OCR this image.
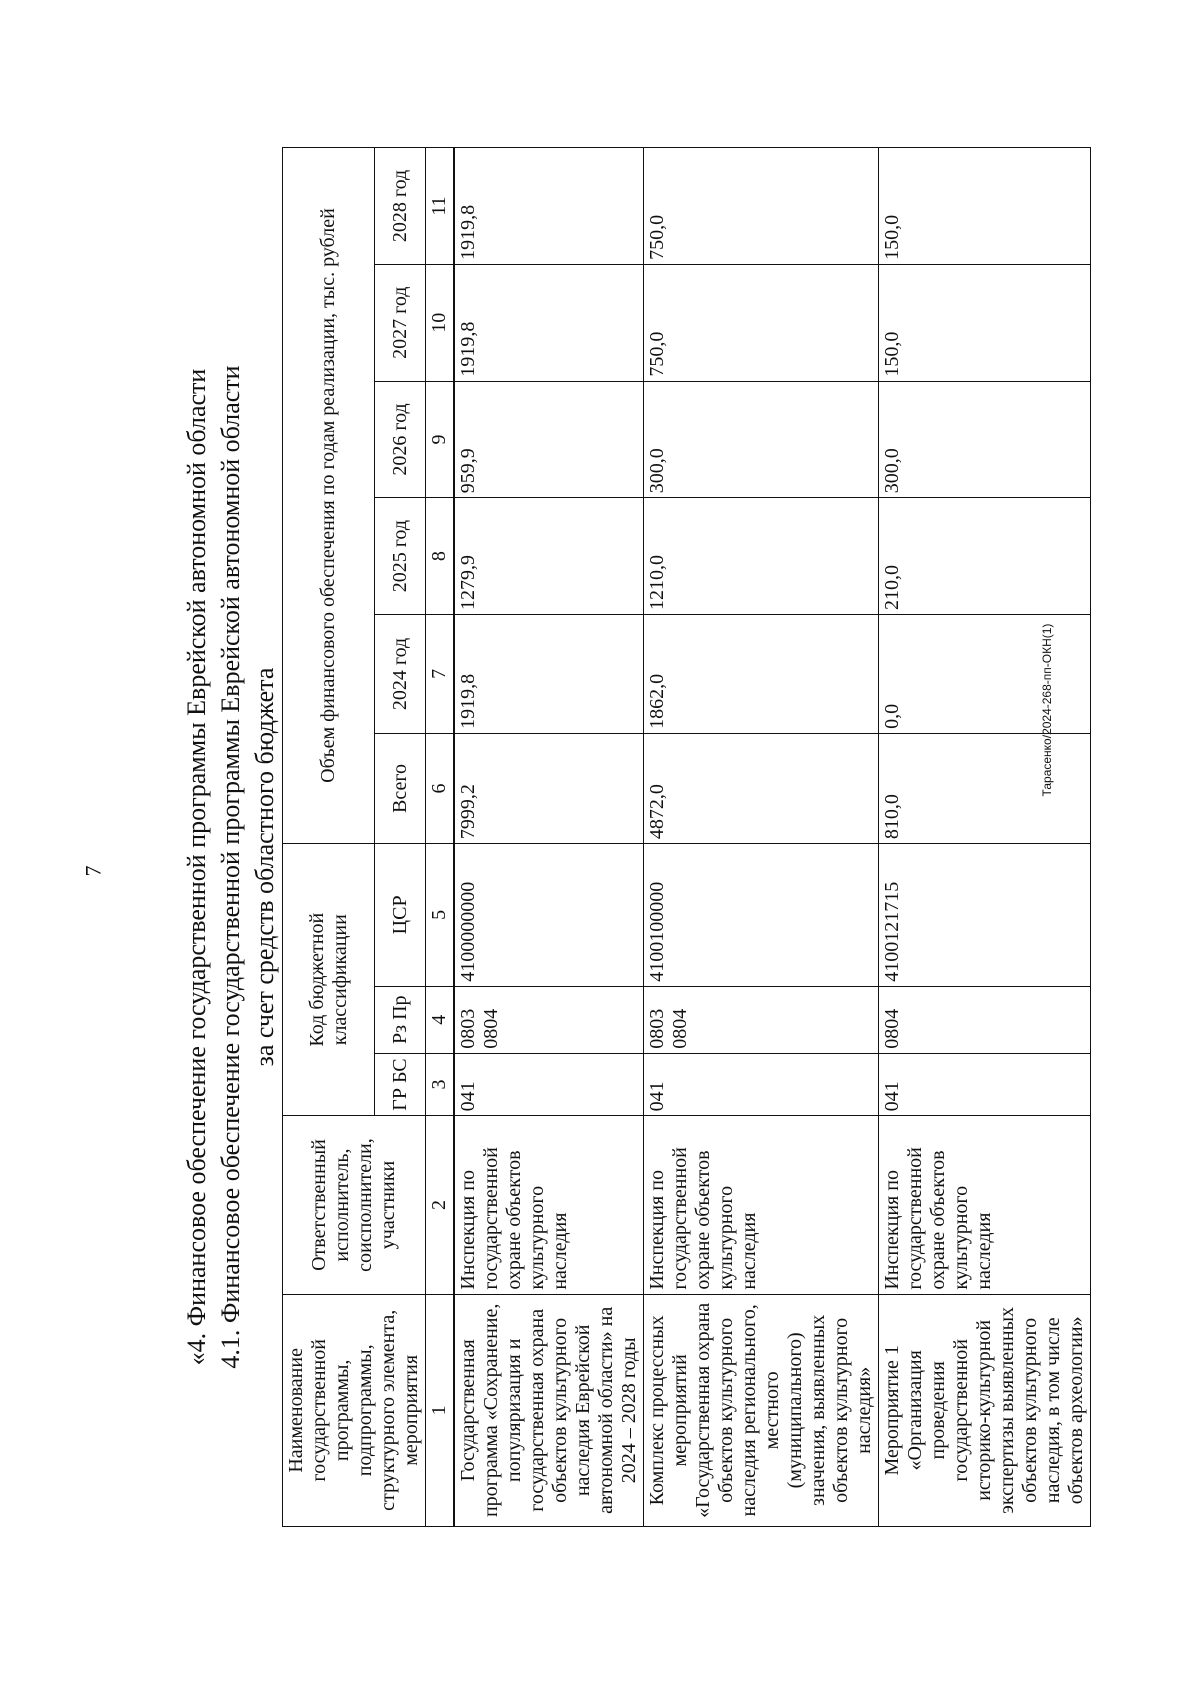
7
Тарасенко/2024-268-пп-ОКН(1)
«4. Финансовое обеспечение государственной программы Еврейской автономной области 4.1. Финансовое обеспечение государственной программы Еврейской автономной области за счет средств областного бюджета
Наименование государственной программы, подпрограммы, структурного элемента, мероприятия	Ответственный исполнитель, соисполнители, участники	Код бюджетной классификации			Объем финансового обеспечения по годам реализации, тыс. рублей					
		ГР БС	Рз Пр	ЦСР	Всего	2024 год	2025 год	2026 год	2027 год	2028 год
1	2	3	4	5	6	7	8	9	10	11
Государственная программа «Сохранение, популяризация и государственная охрана объектов культурного наследия Еврейской автономной области» на 2024 – 2028 годы	Инспекция по государственной охране объектов культурного наследия	041	0803 0804	4100000000	7999,2	1919,8	1279,9	959,9	1919,8	1919,8
Комплекс процессных мероприятий «Государственная охрана объектов культурного наследия регионального, местного (муниципального) значения, выявленных объектов культурного наследия»	Инспекция по государственной охране объектов культурного наследия	041	0803 0804	4100100000	4872,0	1862,0	1210,0	300,0	750,0	750,0
Мероприятие 1 «Организация проведения государственной историко-культурной экспертизы выявленных объектов культурного наследия, в том числе объектов археологии»	Инспекция по государственной охране объектов культурного наследия	041	0804	4100121715	810,0	0,0	210,0	300,0	150,0	150,0
